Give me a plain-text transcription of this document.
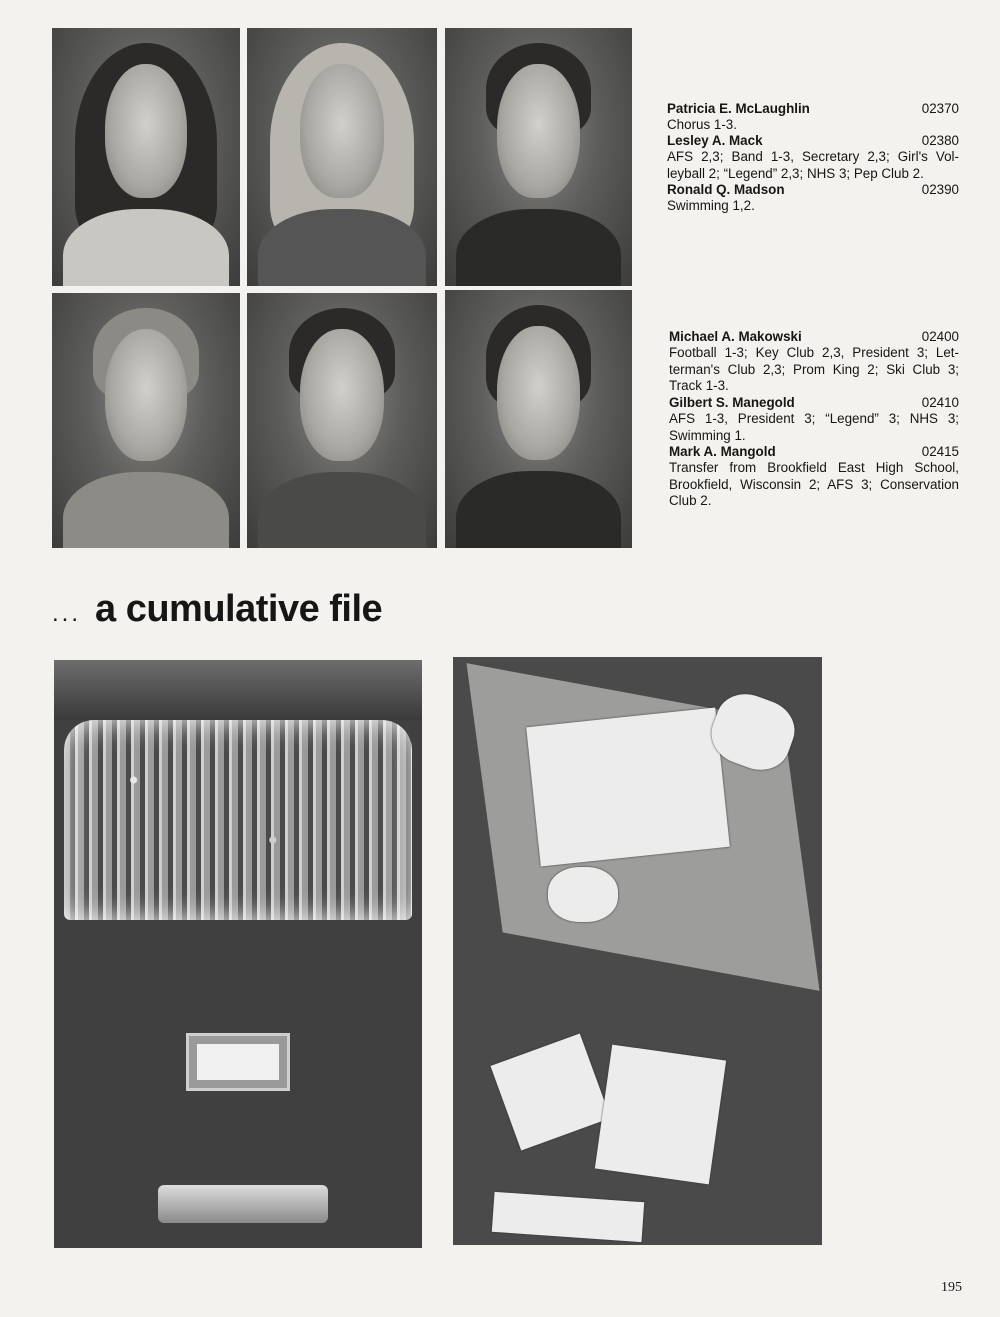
Patricia E. McLaughlin	02370
Chorus 1-3.
Lesley A. Mack	02380
AFS 2,3; Band 1-3, Secretary 2,3; Girl's Volleyball 2; “Legend” 2,3; NHS 3; Pep Club 2.
Ronald Q. Madson	02390
Swimming 1,2.
Michael A. Makowski	02400
Football 1-3; Key Club 2,3, President 3; Letterman's Club 2,3; Prom King 2; Ski Club 3; Track 1-3.
Gilbert S. Manegold	02410
AFS 1-3, President 3; “Legend” 3; NHS 3; Swimming 1.
Mark A. Mangold	02415
Transfer from Brookfield East High School, Brookfield, Wisconsin 2; AFS 3; Conservation Club 2.
... a cumulative file
195
